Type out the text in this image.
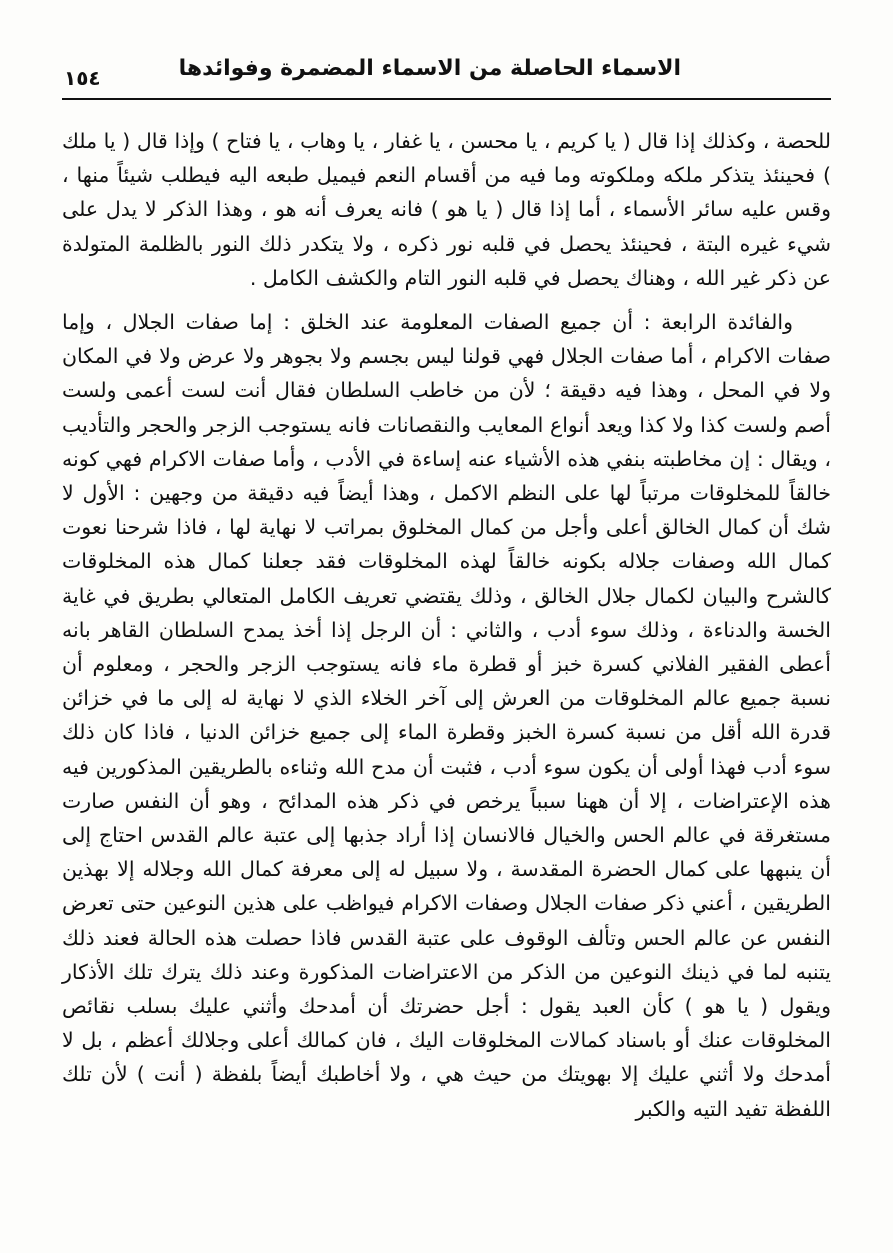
الاسماء الحاصلة من الاسماء المضمرة وفوائدها
١٥٤

للحصة ، وكذلك إذا قال ( يا كريم ، يا محسن ، يا غفار ، يا وهاب ، يا فتاح ) وإذا قال ( يا ملك ) فحينئذ يتذكر ملكه وملكوته وما فيه من أقسام النعم فيميل طبعه اليه فيطلب شيئاً منها ، وقس عليه سائر الأسماء ، أما إذا قال ( يا هو ) فانه يعرف أنه هو ، وهذا الذكر لا يدل على شيء غيره البتة ، فحينئذ يحصل في قلبه نور ذكره ، ولا يتكدر ذلك النور بالظلمة المتولدة عن ذكر غير الله ، وهناك يحصل في قلبه النور التام والكشف الكامل .

والفائدة الرابعة : أن جميع الصفات المعلومة عند الخلق : إما صفات الجلال ، وإما صفات الاكرام ، أما صفات الجلال فهي قولنا ليس بجسم ولا بجوهر ولا عرض ولا في المكان ولا في المحل ، وهذا فيه دقيقة ؛ لأن من خاطب السلطان فقال أنت لست أعمى ولست أصم ولست كذا ولا كذا ويعد أنواع المعايب والنقصانات فانه يستوجب الزجر والحجر والتأديب ، ويقال : إن مخاطبته بنفي هذه الأشياء عنه إساءة في الأدب ، وأما صفات الاكرام فهي كونه خالقاً للمخلوقات مرتباً لها على النظم الاكمل ، وهذا أيضاً فيه دقيقة من وجهين : الأول لا شك أن كمال الخالق أعلى وأجل من كمال المخلوق بمراتب لا نهاية لها ، فاذا شرحنا نعوت كمال الله وصفات جلاله بكونه خالقاً لهذه المخلوقات فقد جعلنا كمال هذه المخلوقات كالشرح والبيان لكمال جلال الخالق ، وذلك يقتضي تعريف الكامل المتعالي بطريق في غاية الخسة والدناءة ، وذلك سوء أدب ، والثاني : أن الرجل إذا أخذ يمدح السلطان القاهر بانه أعطى الفقير الفلاني كسرة خبز أو قطرة ماء فانه يستوجب الزجر والحجر ، ومعلوم أن نسبة جميع عالم المخلوقات من العرش إلى آخر الخلاء الذي لا نهاية له إلى ما في خزائن قدرة الله أقل من نسبة كسرة الخبز وقطرة الماء إلى جميع خزائن الدنيا ، فاذا كان ذلك سوء أدب فهذا أولى أن يكون سوء أدب ، فثبت أن مدح الله وثناءه بالطريقين المذكورين فيه هذه الإعتراضات ، إلا أن ههنا سبباً يرخص في ذكر هذه المدائح ، وهو أن النفس صارت مستغرقة في عالم الحس والخيال فالانسان إذا أراد جذبها إلى عتبة عالم القدس احتاج إلى أن ينبهها على كمال الحضرة المقدسة ، ولا سبيل له إلى معرفة كمال الله وجلاله إلا بهذين الطريقين ، أعني ذكر صفات الجلال وصفات الاكرام فيواظب على هذين النوعين حتى تعرض النفس عن عالم الحس وتألف الوقوف على عتبة القدس فاذا حصلت هذه الحالة فعند ذلك يتنبه لما في ذينك النوعين من الذكر من الاعتراضات المذكورة وعند ذلك يترك تلك الأذكار ويقول ( يا هو ) كأن العبد يقول : أجل حضرتك أن أمدحك وأثني عليك بسلب نقائص المخلوقات عنك أو باسناد كمالات المخلوقات اليك ، فان كمالك أعلى وجلالك أعظم ، بل لا أمدحك ولا أثني عليك إلا بهويتك من حيث هي ، ولا أخاطبك أيضاً بلفظة ( أنت ) لأن تلك اللفظة تفيد التيه والكبر
